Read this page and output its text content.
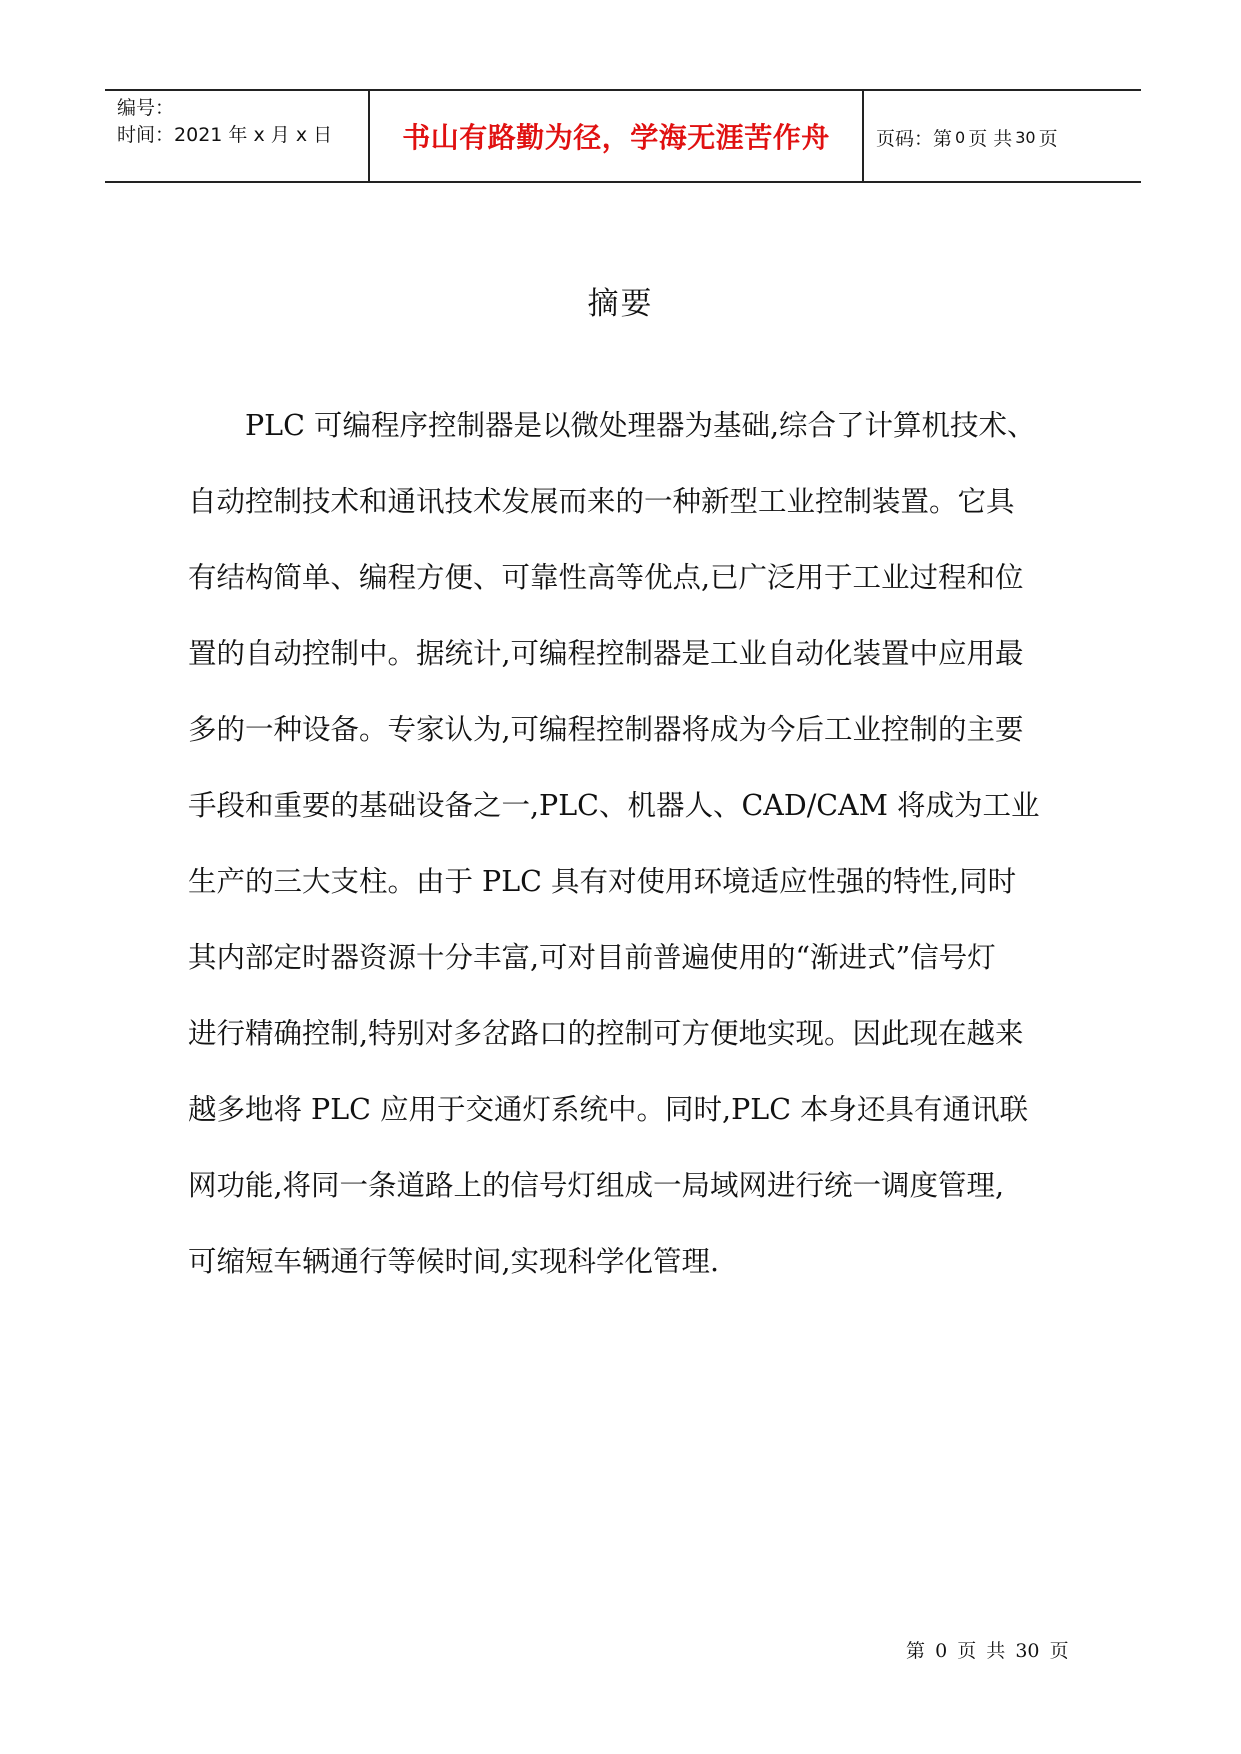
编号：
时间：2021 年 x 月 x 日	书山有路勤为径，学海无涯苦作舟	页码：第 0 页 共 30 页
摘要
PLC 可编程序控制器是以微处理器为基础,综合了计算机技术、
自动控制技术和通讯技术发展而来的一种新型工业控制装置。它具
有结构简单、编程方便、可靠性高等优点,已广泛用于工业过程和位
置的自动控制中。据统计,可编程控制器是工业自动化装置中应用最
多的一种设备。专家认为,可编程控制器将成为今后工业控制的主要
手段和重要的基础设备之一,PLC、机器人、CAD/CAM 将成为工业
生产的三大支柱。由于 PLC 具有对使用环境适应性强的特性,同时
其内部定时器资源十分丰富,可对目前普遍使用的“渐进式”信号灯
进行精确控制,特别对多岔路口的控制可方便地实现。因此现在越来
越多地将 PLC 应用于交通灯系统中。同时,PLC 本身还具有通讯联
网功能,将同一条道路上的信号灯组成一局域网进行统一调度管理,
可缩短车辆通行等候时间,实现科学化管理.
第 0 页 共 30 页
